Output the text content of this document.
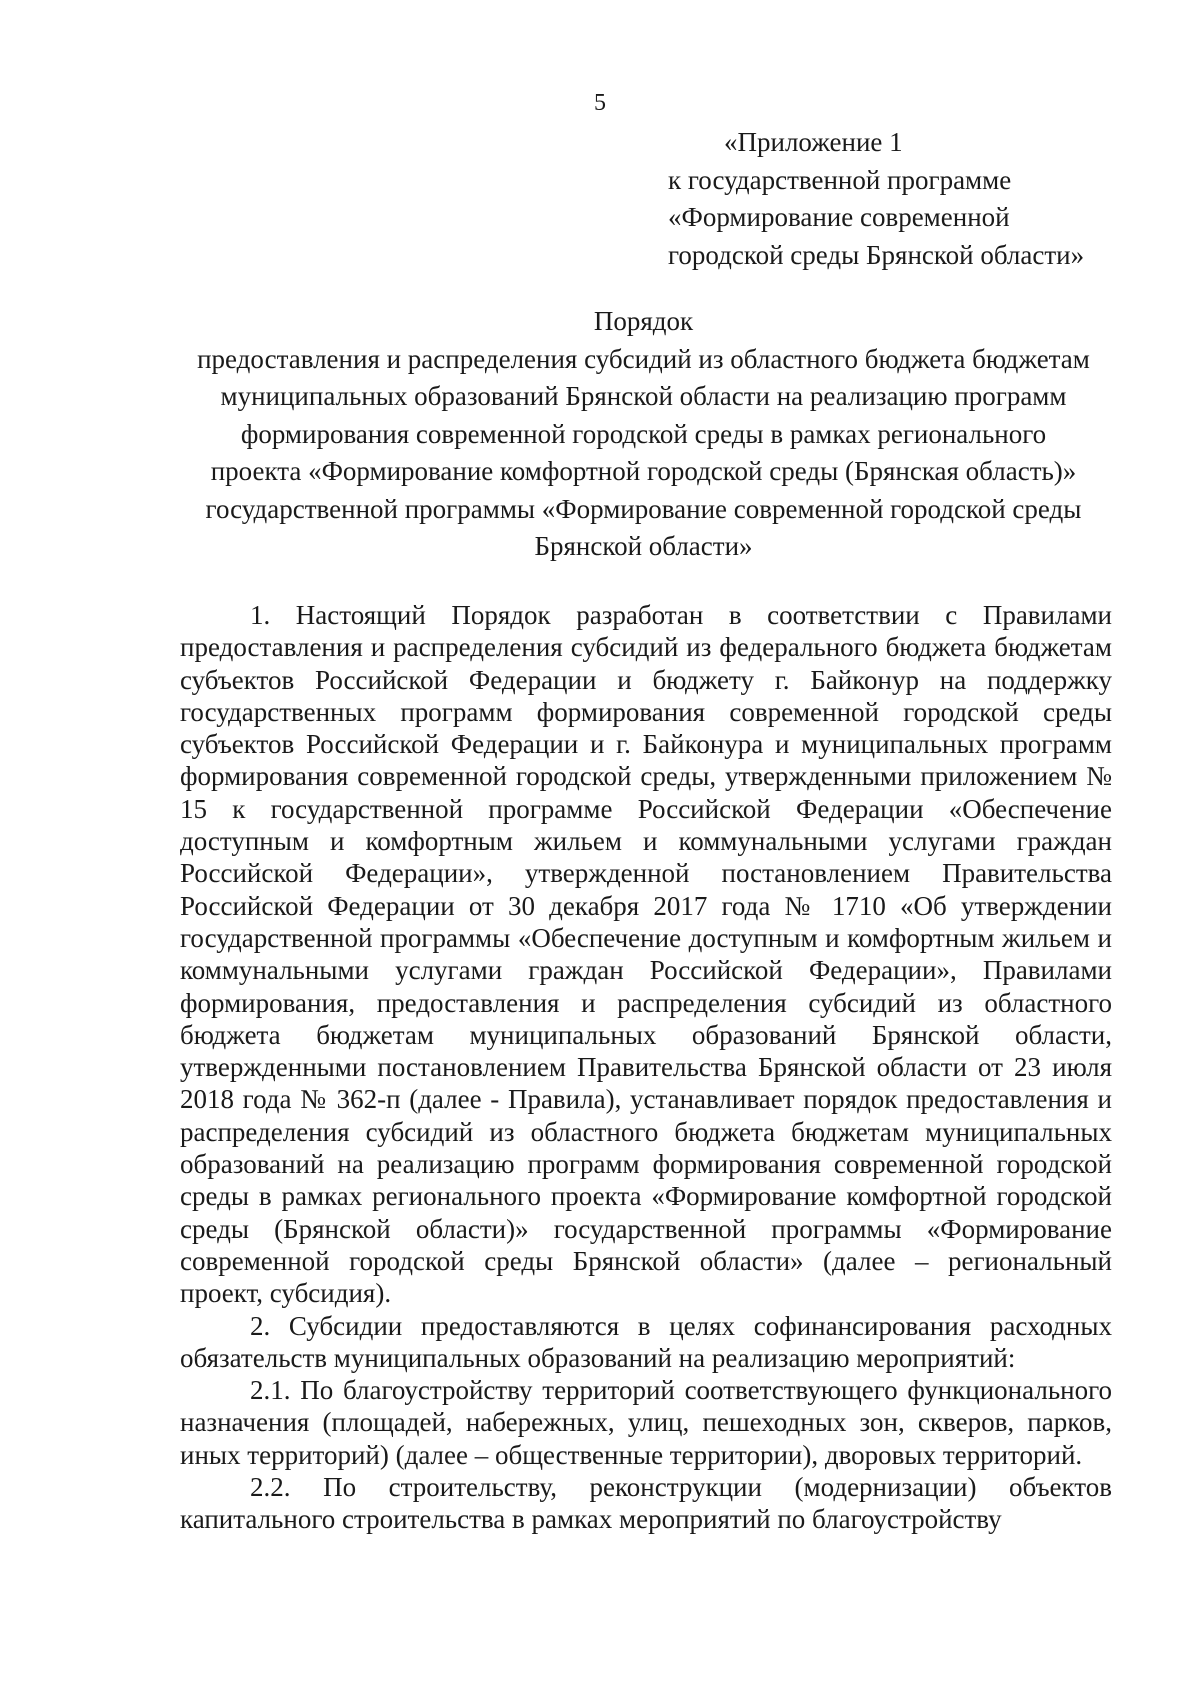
5
«Приложение 1
к государственной программе
«Формирование современной
городской среды Брянской области»
Порядок
предоставления и распределения субсидий из областного бюджета бюджетам
муниципальных образований Брянской области на реализацию программ
формирования современной городской среды в рамках регионального
проекта «Формирование комфортной городской среды (Брянская область)»
государственной программы «Формирование современной городской среды
Брянской области»

1. Настоящий Порядок разработан в соответствии с Правилами предоставления и распределения субсидий из федерального бюджета бюджетам субъектов Российской Федерации и бюджету г. Байконур на поддержку государственных программ формирования современной городской среды субъектов Российской Федерации и г. Байконура и муниципальных программ формирования современной городской среды, утвержденными приложением № 15 к государственной программе Российской Федерации «Обеспечение доступным и комфортным жильем и коммунальными услугами граждан Российской Федерации», утвержденной постановлением Правительства Российской Федерации от 30 декабря 2017 года № 1710 «Об утверждении государственной программы «Обеспечение доступным и комфортным жильем и коммунальными услугами граждан Российской Федерации», Правилами формирования, предоставления и распределения субсидий из областного бюджета бюджетам муниципальных образований Брянской области, утвержденными постановлением Правительства Брянской области от 23 июля 2018 года № 362-п (далее - Правила), устанавливает порядок предоставления и распределения субсидий из областного бюджета бюджетам муниципальных образований на реализацию программ формирования современной городской среды в рамках регионального проекта «Формирование комфортной городской среды (Брянской области)» государственной программы «Формирование современной городской среды Брянской области» (далее – региональный проект, субсидия).

2. Субсидии предоставляются в целях софинансирования расходных обязательств муниципальных образований на реализацию мероприятий:

2.1. По благоустройству территорий соответствующего функционального назначения (площадей, набережных, улиц, пешеходных зон, скверов, парков, иных территорий) (далее – общественные территории), дворовых территорий.

2.2. По строительству, реконструкции (модернизации) объектов капитального строительства в рамках мероприятий по благоустройству
